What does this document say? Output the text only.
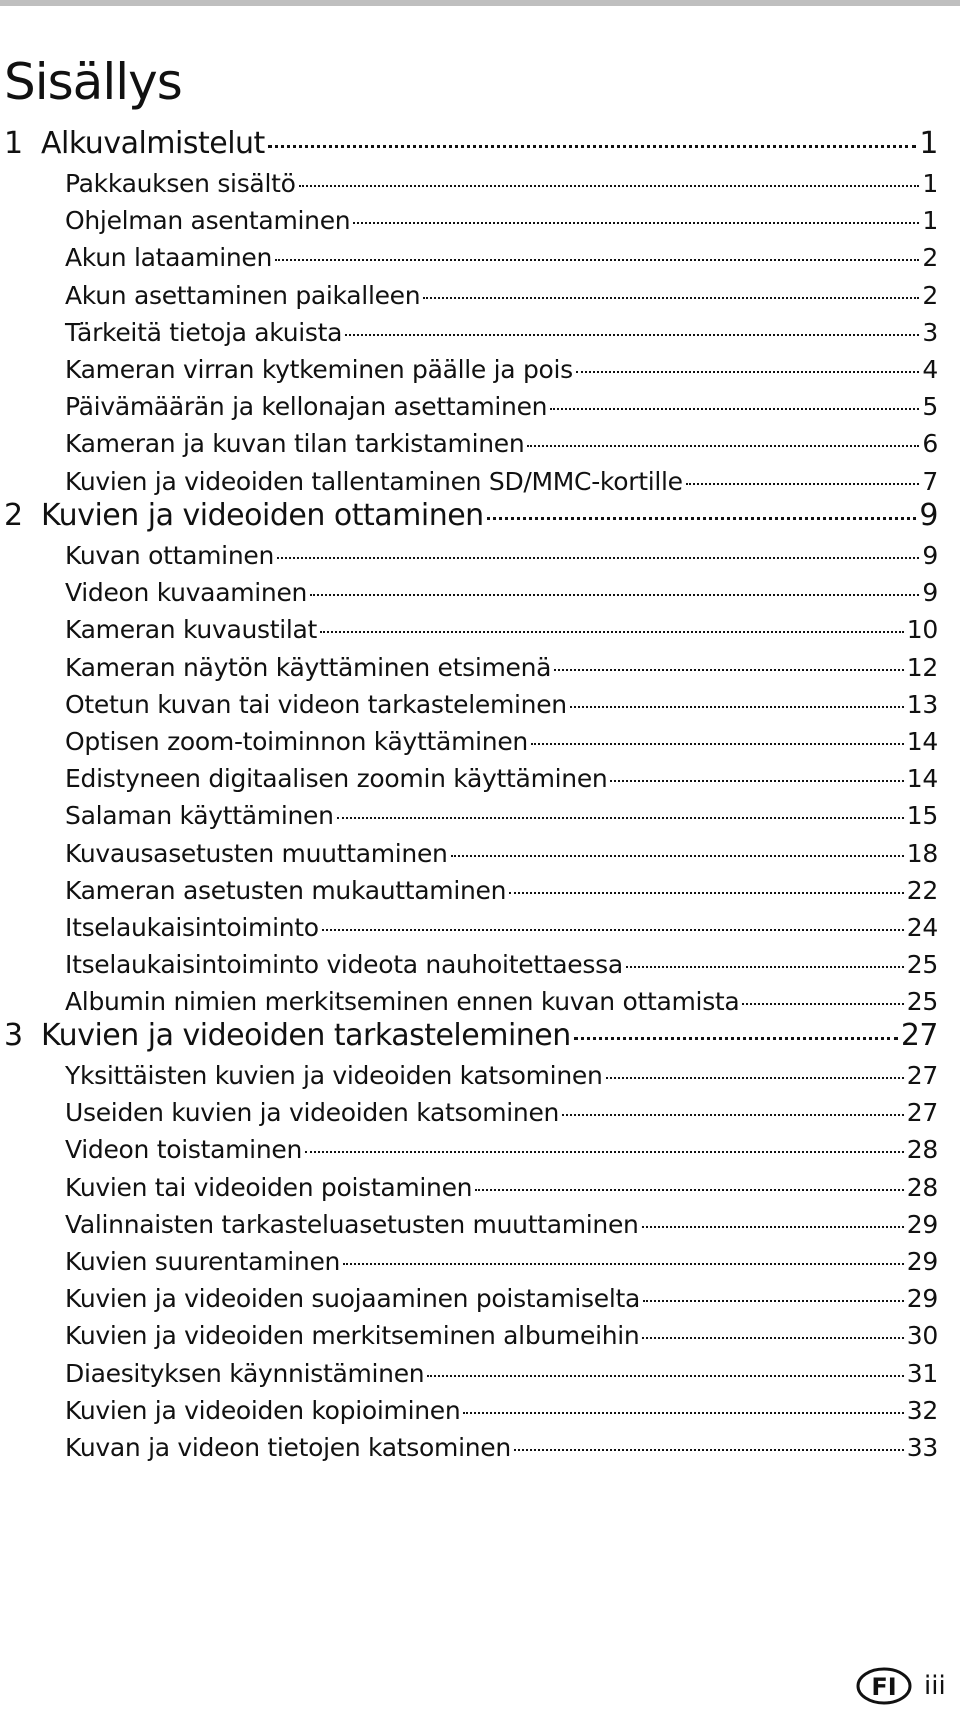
Sisällys
1 Alkuvalmistelut	1
Pakkauksen sisältö	1
Ohjelman asentaminen	1
Akun lataaminen	2
Akun asettaminen paikalleen	2
Tärkeitä tietoja akuista	3
Kameran virran kytkeminen päälle ja pois	4
Päivämäärän ja kellonajan asettaminen	5
Kameran ja kuvan tilan tarkistaminen	6
Kuvien ja videoiden tallentaminen SD/MMC-kortille	7
2 Kuvien ja videoiden ottaminen	9
Kuvan ottaminen	9
Videon kuvaaminen	9
Kameran kuvaustilat	10
Kameran näytön käyttäminen etsimenä	12
Otetun kuvan tai videon tarkasteleminen	13
Optisen zoom-toiminnon käyttäminen	14
Edistyneen digitaalisen zoomin käyttäminen	14
Salaman käyttäminen	15
Kuvausasetusten muuttaminen	18
Kameran asetusten mukauttaminen	22
Itselaukaisintoiminto	24
Itselaukaisintoiminto videota nauhoitettaessa	25
Albumin nimien merkitseminen ennen kuvan ottamista	25
3 Kuvien ja videoiden tarkasteleminen	27
Yksittäisten kuvien ja videoiden katsominen	27
Useiden kuvien ja videoiden katsominen	27
Videon toistaminen	28
Kuvien tai videoiden poistaminen	28
Valinnaisten tarkasteluasetusten muuttaminen	29
Kuvien suurentaminen	29
Kuvien ja videoiden suojaaminen poistamiselta	29
Kuvien ja videoiden merkitseminen albumeihin	30
Diaesityksen käynnistäminen	31
Kuvien ja videoiden kopioiminen	32
Kuvan ja videon tietojen katsominen	33
FI iii
